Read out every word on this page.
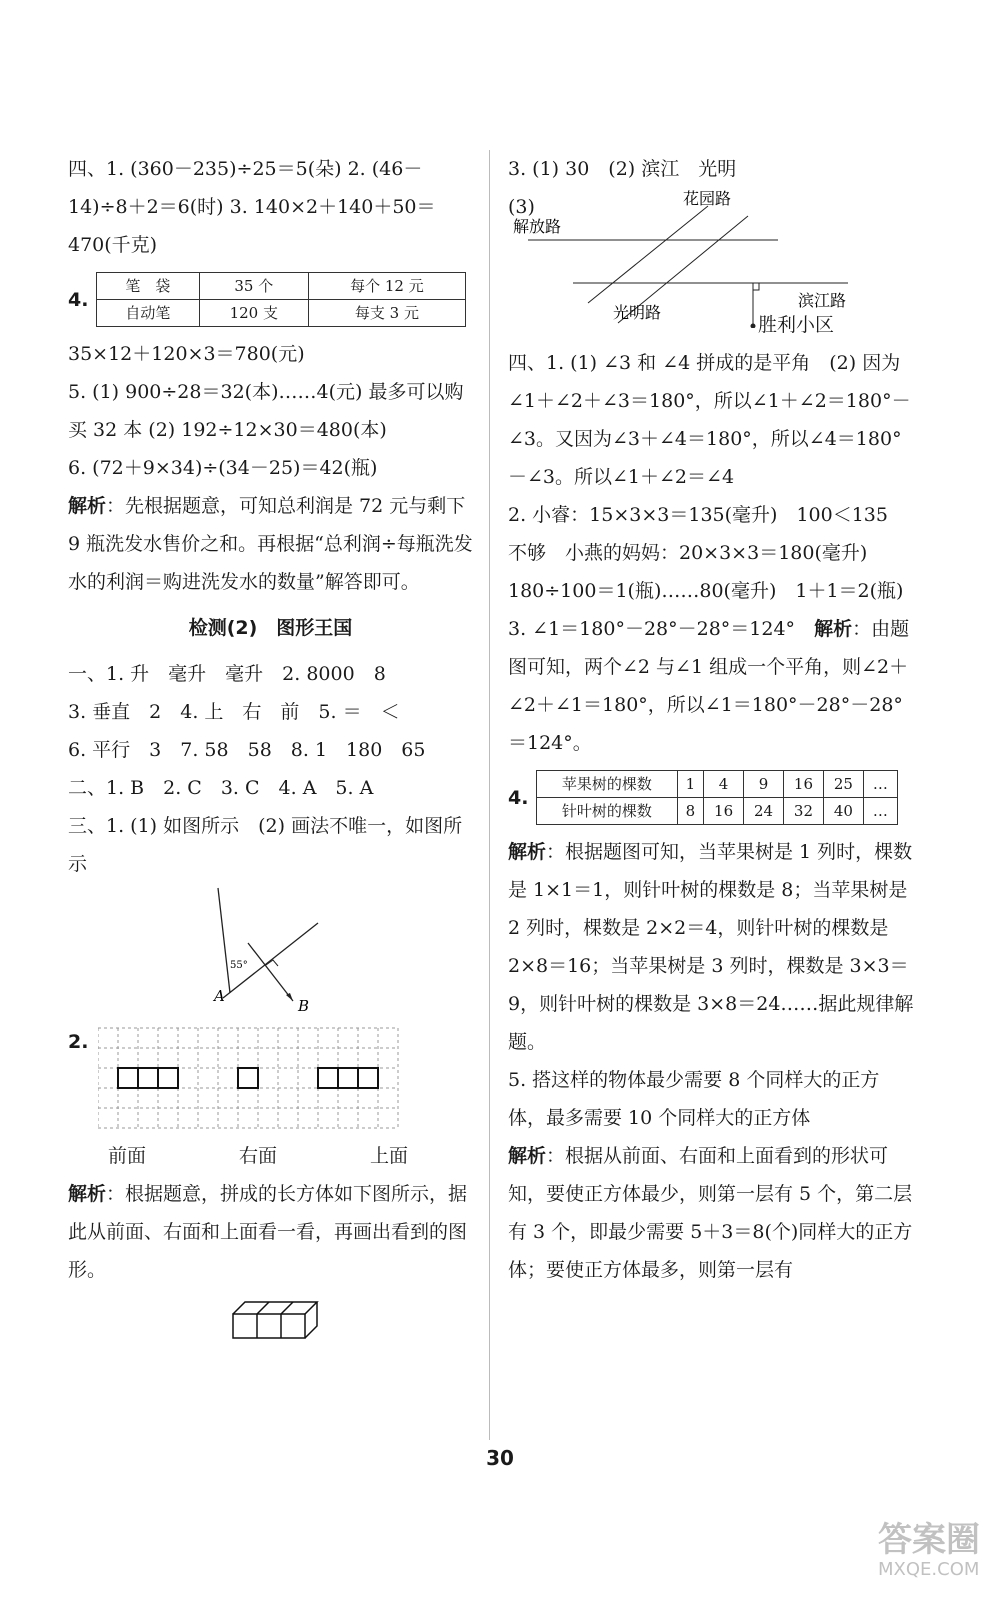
四、1. (360－235)÷25＝5(朵) 2. (46－14)÷8＋2＝6(时) 3. 140×2＋140＋50＝470(千克)

4.
笔　袋	35 个	每个 12 元
自动笔	120 支	每支 3 元

35×12＋120×3＝780(元)

5. (1) 900÷28＝32(本)……4(元) 最多可以购买 32 本 (2) 192÷12×30＝480(本)

6. (72＋9×34)÷(34－25)＝42(瓶)

解析：先根据题意，可知总利润是 72 元与剩下 9 瓶洗发水售价之和。再根据“总利润÷每瓶洗发水的利润＝购进洗发水的数量”解答即可。

检测(2)　图形王国

一、1. 升　毫升　毫升　2. 8000　8

3. 垂直　2　4. 上　右　前　5. ＝　＜

6. 平行　3　7. 58　58　8. 1　180　65

二、1. B　2. C　3. C　4. A　5. A

三、1. (1) 如图所示　(2) 画法不唯一，如图所示

55°
A
B
2.
前面	右面	上面

解析：根据题意，拼成的长方体如下图所示，据此从前面、右面和上面看一看，再画出看到的图形。

3. (1) 30　(2) 滨江　光明

(3)	花园路
解放路
滨江路
光明路

胜利小区

四、1. (1) ∠3 和 ∠4 拼成的是平角　(2) 因为∠1＋∠2＋∠3＝180°，所以∠1＋∠2＝180°－∠3。又因为∠3＋∠4＝180°，所以∠4＝180°－∠3。所以∠1＋∠2＝∠4

2. 小睿：15×3×3＝135(毫升)　100＜135　不够　小燕的妈妈：20×3×3＝180(毫升)　180÷100＝1(瓶)……80(毫升)　1＋1＝2(瓶)

3. ∠1＝180°－28°－28°＝124°　解析：由题图可知，两个∠2 与∠1 组成一个平角，则∠2＋∠2＋∠1＝180°，所以∠1＝180°－28°－28°＝124°。

4.
苹果树的棵数	1	4	9	16	25	…
针叶树的棵数	8	16	24	32	40	…

解析：根据题图可知，当苹果树是 1 列时，棵数是 1×1＝1，则针叶树的棵数是 8；当苹果树是 2 列时，棵数是 2×2＝4，则针叶树的棵数是 2×8＝16；当苹果树是 3 列时，棵数是 3×3＝9，则针叶树的棵数是 3×8＝24……据此规律解题。

5. 搭这样的物体最少需要 8 个同样大的正方体，最多需要 10 个同样大的正方体

解析：根据从前面、右面和上面看到的形状可知，要使正方体最少，则第一层有 5 个，第二层有 3 个，即最少需要 5＋3＝8(个)同样大的正方体；要使正方体最多，则第一层有

30
答案圈
MXQE.COM
